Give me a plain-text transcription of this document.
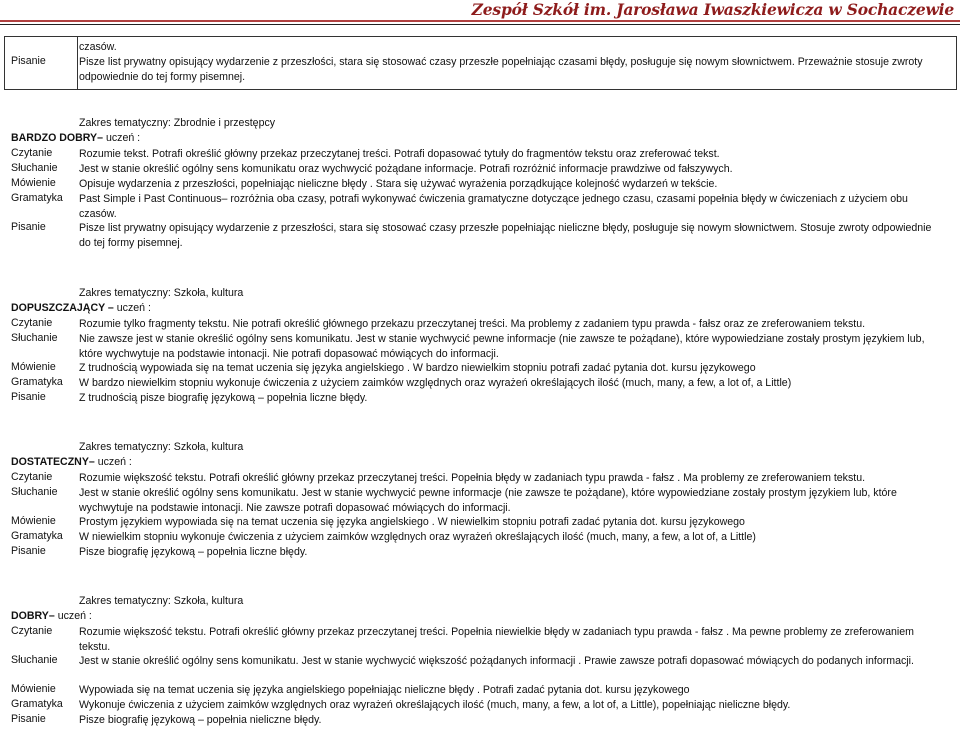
Zespół Szkół im. Jarosława Iwaszkiewicza w Sochaczewie
czasów.
Pisanie	Pisze list prywatny opisujący wydarzenie z przeszłości, stara się stosować czasy przeszłe popełniając czasami błędy, posługuje się nowym słownictwem. Przeważnie stosuje zwroty odpowiednie do tej formy pisemnej.
Zakres tematyczny: Zbrodnie i przestępcy
BARDZO DOBRY– uczeń :
Czytanie	Rozumie tekst. Potrafi określić główny przekaz przeczytanej treści. Potrafi dopasować tytuły do fragmentów tekstu oraz zreferować tekst.
Słuchanie Jest w stanie określić ogólny sens komunikatu oraz wychwycić pożądane informacje. Potrafi rozróżnić informacje prawdziwe od fałszywych.
Mówienie Opisuje wydarzenia z przeszłości, popełniając nieliczne błędy . Stara się używać wyrażenia porządkujące kolejność wydarzeń w tekście.
Gramatyka Past Simple i Past Continuous– rozróżnia oba czasy, potrafi wykonywać ćwiczenia gramatyczne dotyczące jednego czasu, czasami popełnia błędy w ćwiczeniach z użyciem obu czasów.
Pisanie	Pisze list prywatny opisujący wydarzenie z przeszłości, stara się stosować czasy przeszłe popełniając nieliczne błędy, posługuje się nowym słownictwem. Stosuje zwroty odpowiednie do tej formy pisemnej.
Zakres tematyczny: Szkoła, kultura
DOPUSZCZAJĄCY – uczeń :
Czytanie	Rozumie tylko fragmenty tekstu. Nie potrafi określić głównego przekazu przeczytanej treści. Ma problemy z zadaniem typu prawda - fałsz oraz ze zreferowaniem tekstu.
Słuchanie Nie zawsze jest w stanie określić ogólny sens komunikatu. Jest w stanie wychwycić pewne informacje (nie zawsze te pożądane), które wypowiedziane zostały prostym językiem lub, które wychwytuje na podstawie intonacji. Nie potrafi dopasować mówiących do informacji.
Mówienie Z trudnością wypowiada się na temat uczenia się języka angielskiego . W bardzo niewielkim stopniu potrafi zadać pytania dot. kursu językowego
Gramatyka W bardzo niewielkim stopniu wykonuje ćwiczenia z użyciem zaimków względnych oraz wyrażeń określających ilość (much, many, a few, a lot of, a Little)
Pisanie	Z trudnością pisze biografię językową – popełnia liczne błędy.
Zakres tematyczny: Szkoła, kultura
DOSTATECZNY– uczeń :
Czytanie	Rozumie większość tekstu. Potrafi określić główny przekaz przeczytanej treści. Popełnia błędy w zadaniach typu prawda - fałsz . Ma problemy ze zreferowaniem tekstu.
Słuchanie Jest w stanie określić ogólny sens komunikatu. Jest w stanie wychwycić pewne informacje (nie zawsze te pożądane), które wypowiedziane zostały prostym językiem lub, które wychwytuje na podstawie intonacji. Nie zawsze potrafi dopasować mówiących do informacji.
Mówienie Prostym językiem wypowiada się na temat uczenia się języka angielskiego . W niewielkim stopniu potrafi zadać pytania dot. kursu językowego
Gramatyka W niewielkim stopniu wykonuje ćwiczenia z użyciem zaimków względnych oraz wyrażeń określających ilość (much, many, a few, a lot of, a Little)
Pisanie	Pisze biografię językową – popełnia liczne błędy.
Zakres tematyczny: Szkoła, kultura
DOBRY– uczeń :
Czytanie	Rozumie większość tekstu. Potrafi określić główny przekaz przeczytanej treści. Popełnia niewielkie błędy w zadaniach typu prawda - fałsz . Ma pewne problemy ze zreferowaniem tekstu.
Słuchanie Jest w stanie określić ogólny sens komunikatu. Jest w stanie wychwycić większość pożądanych informacji . Prawie zawsze potrafi dopasować mówiących do podanych informacji.
Mówienie Wypowiada się na temat uczenia się języka angielskiego popełniając nieliczne błędy . Potrafi zadać pytania dot. kursu językowego
Gramatyka Wykonuje ćwiczenia z użyciem zaimków względnych oraz wyrażeń określających ilość (much, many, a few, a lot of, a Little), popełniając nieliczne błędy.
Pisanie	Pisze biografię językową – popełnia nieliczne błędy.
